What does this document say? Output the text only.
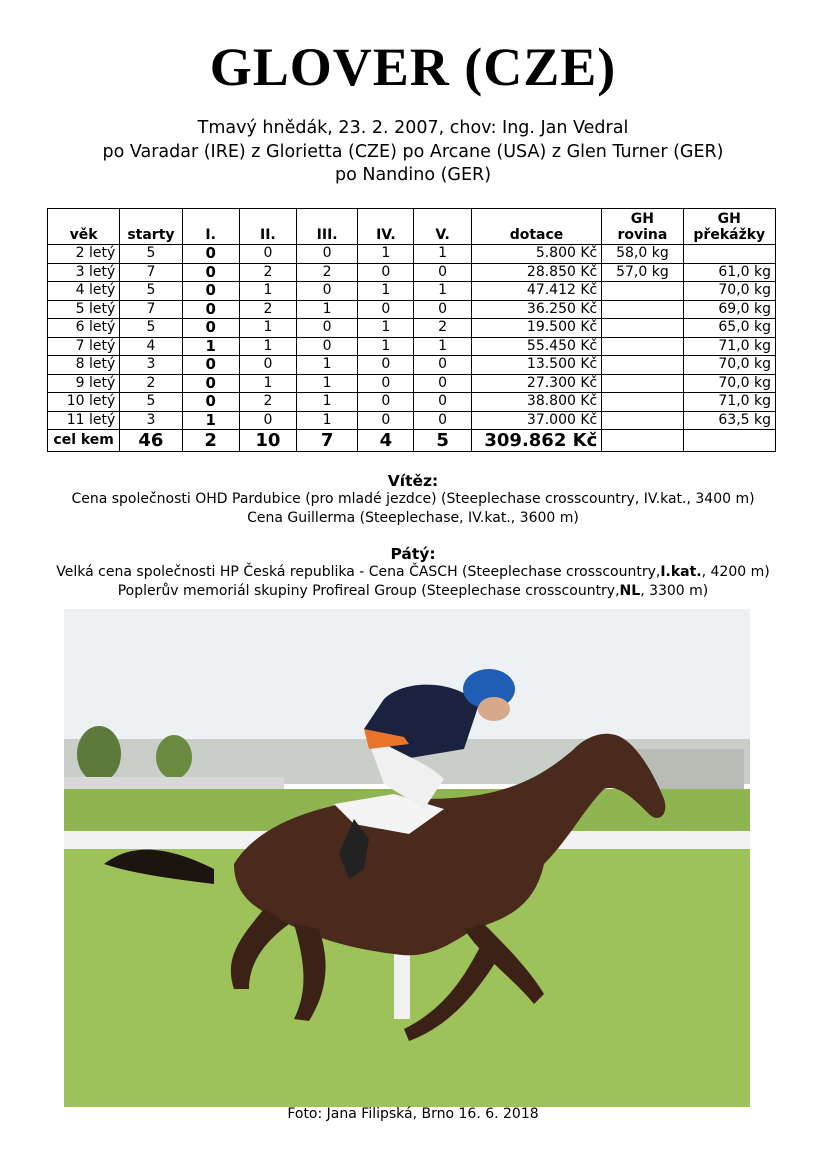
GLOVER (CZE)
Tmavý hnědák, 23. 2. 2007, chov: Ing. Jan Vedral
po Varadar (IRE) z Glorietta (CZE) po Arcane (USA) z Glen Turner (GER)
po Nandino (GER)
věk	starty	I.	II.	III.	IV.	V.	dotace	GH rovina	GH překážky
2 letý	5	0	0	0	1	1	5.800 Kč	58,0 kg	
3 letý	7	0	2	2	0	0	28.850 Kč	57,0 kg	61,0 kg
4 letý	5	0	1	0	1	1	47.412 Kč		70,0 kg
5 letý	7	0	2	1	0	0	36.250 Kč		69,0 kg
6 letý	5	0	1	0	1	2	19.500 Kč		65,0 kg
7 letý	4	1	1	0	1	1	55.450 Kč		71,0 kg
8 letý	3	0	0	1	0	0	13.500 Kč		70,0 kg
9 letý	2	0	1	1	0	0	27.300 Kč		70,0 kg
10 letý	5	0	2	1	0	0	38.800 Kč		71,0 kg
11 letý	3	1	0	1	0	0	37.000 Kč		63,5 kg
cel kem	46	2	10	7	4	5	309.862 Kč		
Vítěz:
Cena společnosti OHD Pardubice (pro mladé jezdce) (Steeplechase crosscountry, IV.kat., 3400 m)
Cena Guillerma (Steeplechase, IV.kat., 3600 m)
Pátý:
Velká cena společnosti HP Česká republika - Cena ČASCH (Steeplechase crosscountry,I.kat., 4200 m)
Poplerův memoriál skupiny Profireal Group (Steeplechase crosscountry,NL, 3300 m)
Foto: Jana Filipská, Brno 16. 6. 2018
